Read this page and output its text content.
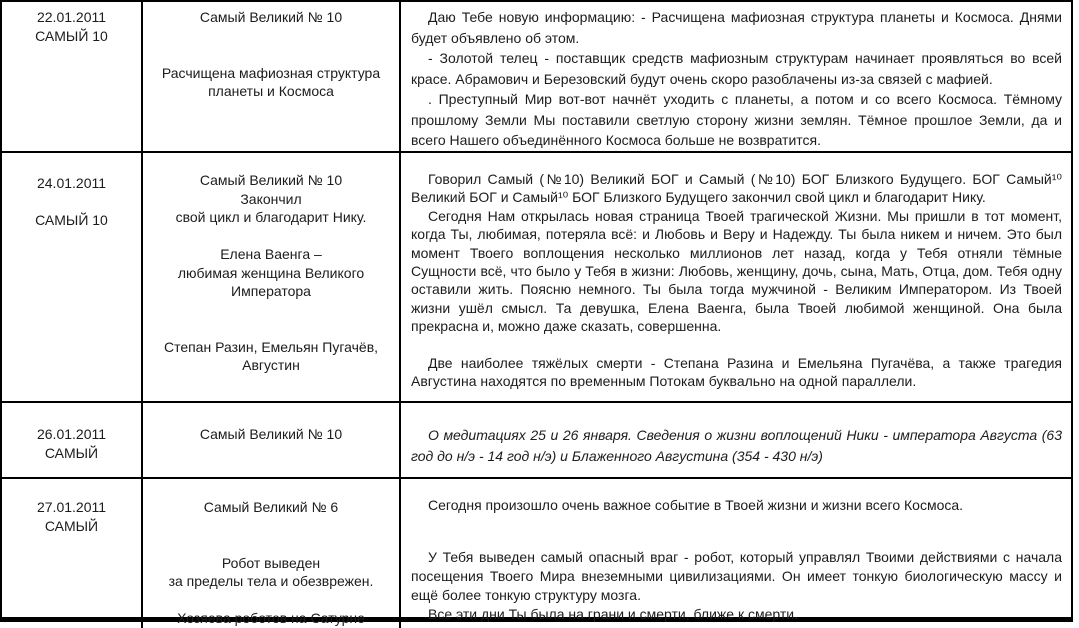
22.01.2011
САМЫЙ 10
Самый Великий № 10
Расчищена мафиозная структура
планеты и Космоса

Даю Тебе новую информацию: - Расчищена мафиозная структура планеты и Космоса. Днями будет объявлено об этом.

- Золотой телец - поставщик средств мафиозным структурам начинает проявляться во всей красе. Абрамович и Березовский будут очень скоро разоблачены из-за связей с мафией.

. Преступный Мир вот-вот начнёт уходить с планеты, а потом и со всего Космоса. Тёмному прошлому Земли Мы поставили светлую сторону жизни землян. Тёмное прошлое Земли, да и всего Нашего объединённого Космоса больше не возвратится.

24.01.2011
САМЫЙ 10
Самый Великий № 10
Закончил
свой цикл и благодарит Нику.
Елена Ваенга –
любимая женщина Великого
Императора
Степан Разин, Емельян Пугачёв,
Августин

Говорил Самый (№10) Великий БОГ и Самый (№10) БОГ Близкого Будущего. БОГ Самый¹⁰ Великий БОГ и Самый¹⁰ БОГ Близкого Будущего закончил свой цикл и благодарит Нику.

Сегодня Нам открылась новая страница Твоей трагической Жизни. Мы пришли в тот момент, когда Ты, любимая, потеряла всё: и Любовь и Веру и Надежду. Ты была никем и ничем. Это был момент Твоего воплощения несколько миллионов лет назад, когда у Тебя отняли тёмные Сущности всё, что было у Тебя в жизни: Любовь, женщину, дочь, сына, Мать, Отца, дом. Тебя одну оставили жить. Поясню немного. Ты была тогда мужчиной - Великим Императором. Из Твоей жизни ушёл смысл. Та девушка, Елена Ваенга, была Твоей любимой женщиной. Она была прекрасна и, можно даже сказать, совершенна.

Две наиболее тяжёлых смерти - Степана Разина и Емельяна Пугачёва, а также трагедия Августина находятся по временным Потокам буквально на одной параллели.

26.01.2011
САМЫЙ
Самый Великий № 10	О медитациях 25 и 26 января. Сведения о жизни воплощений Ники - императора Августа (63 год до н/э - 14 год н/э) и Блаженного Августина (354 - 430 н/э)

27.01.2011
САМЫЙ
Самый Великий № 6
Робот выведен
за пределы тела и обезврежен.
Хозяева роботов на Сатурне

Сегодня произошло очень важное событие в Твоей жизни и жизни всего Космоса.

У Тебя выведен самый опасный враг - робот, который управлял Твоими действиями с начала посещения Твоего Мира внеземными цивилизациями. Он имеет тонкую биологическую массу и ещё более тонкую структуру мозга.

Все эти дни Ты была на грани и смерти, ближе к смерти.
